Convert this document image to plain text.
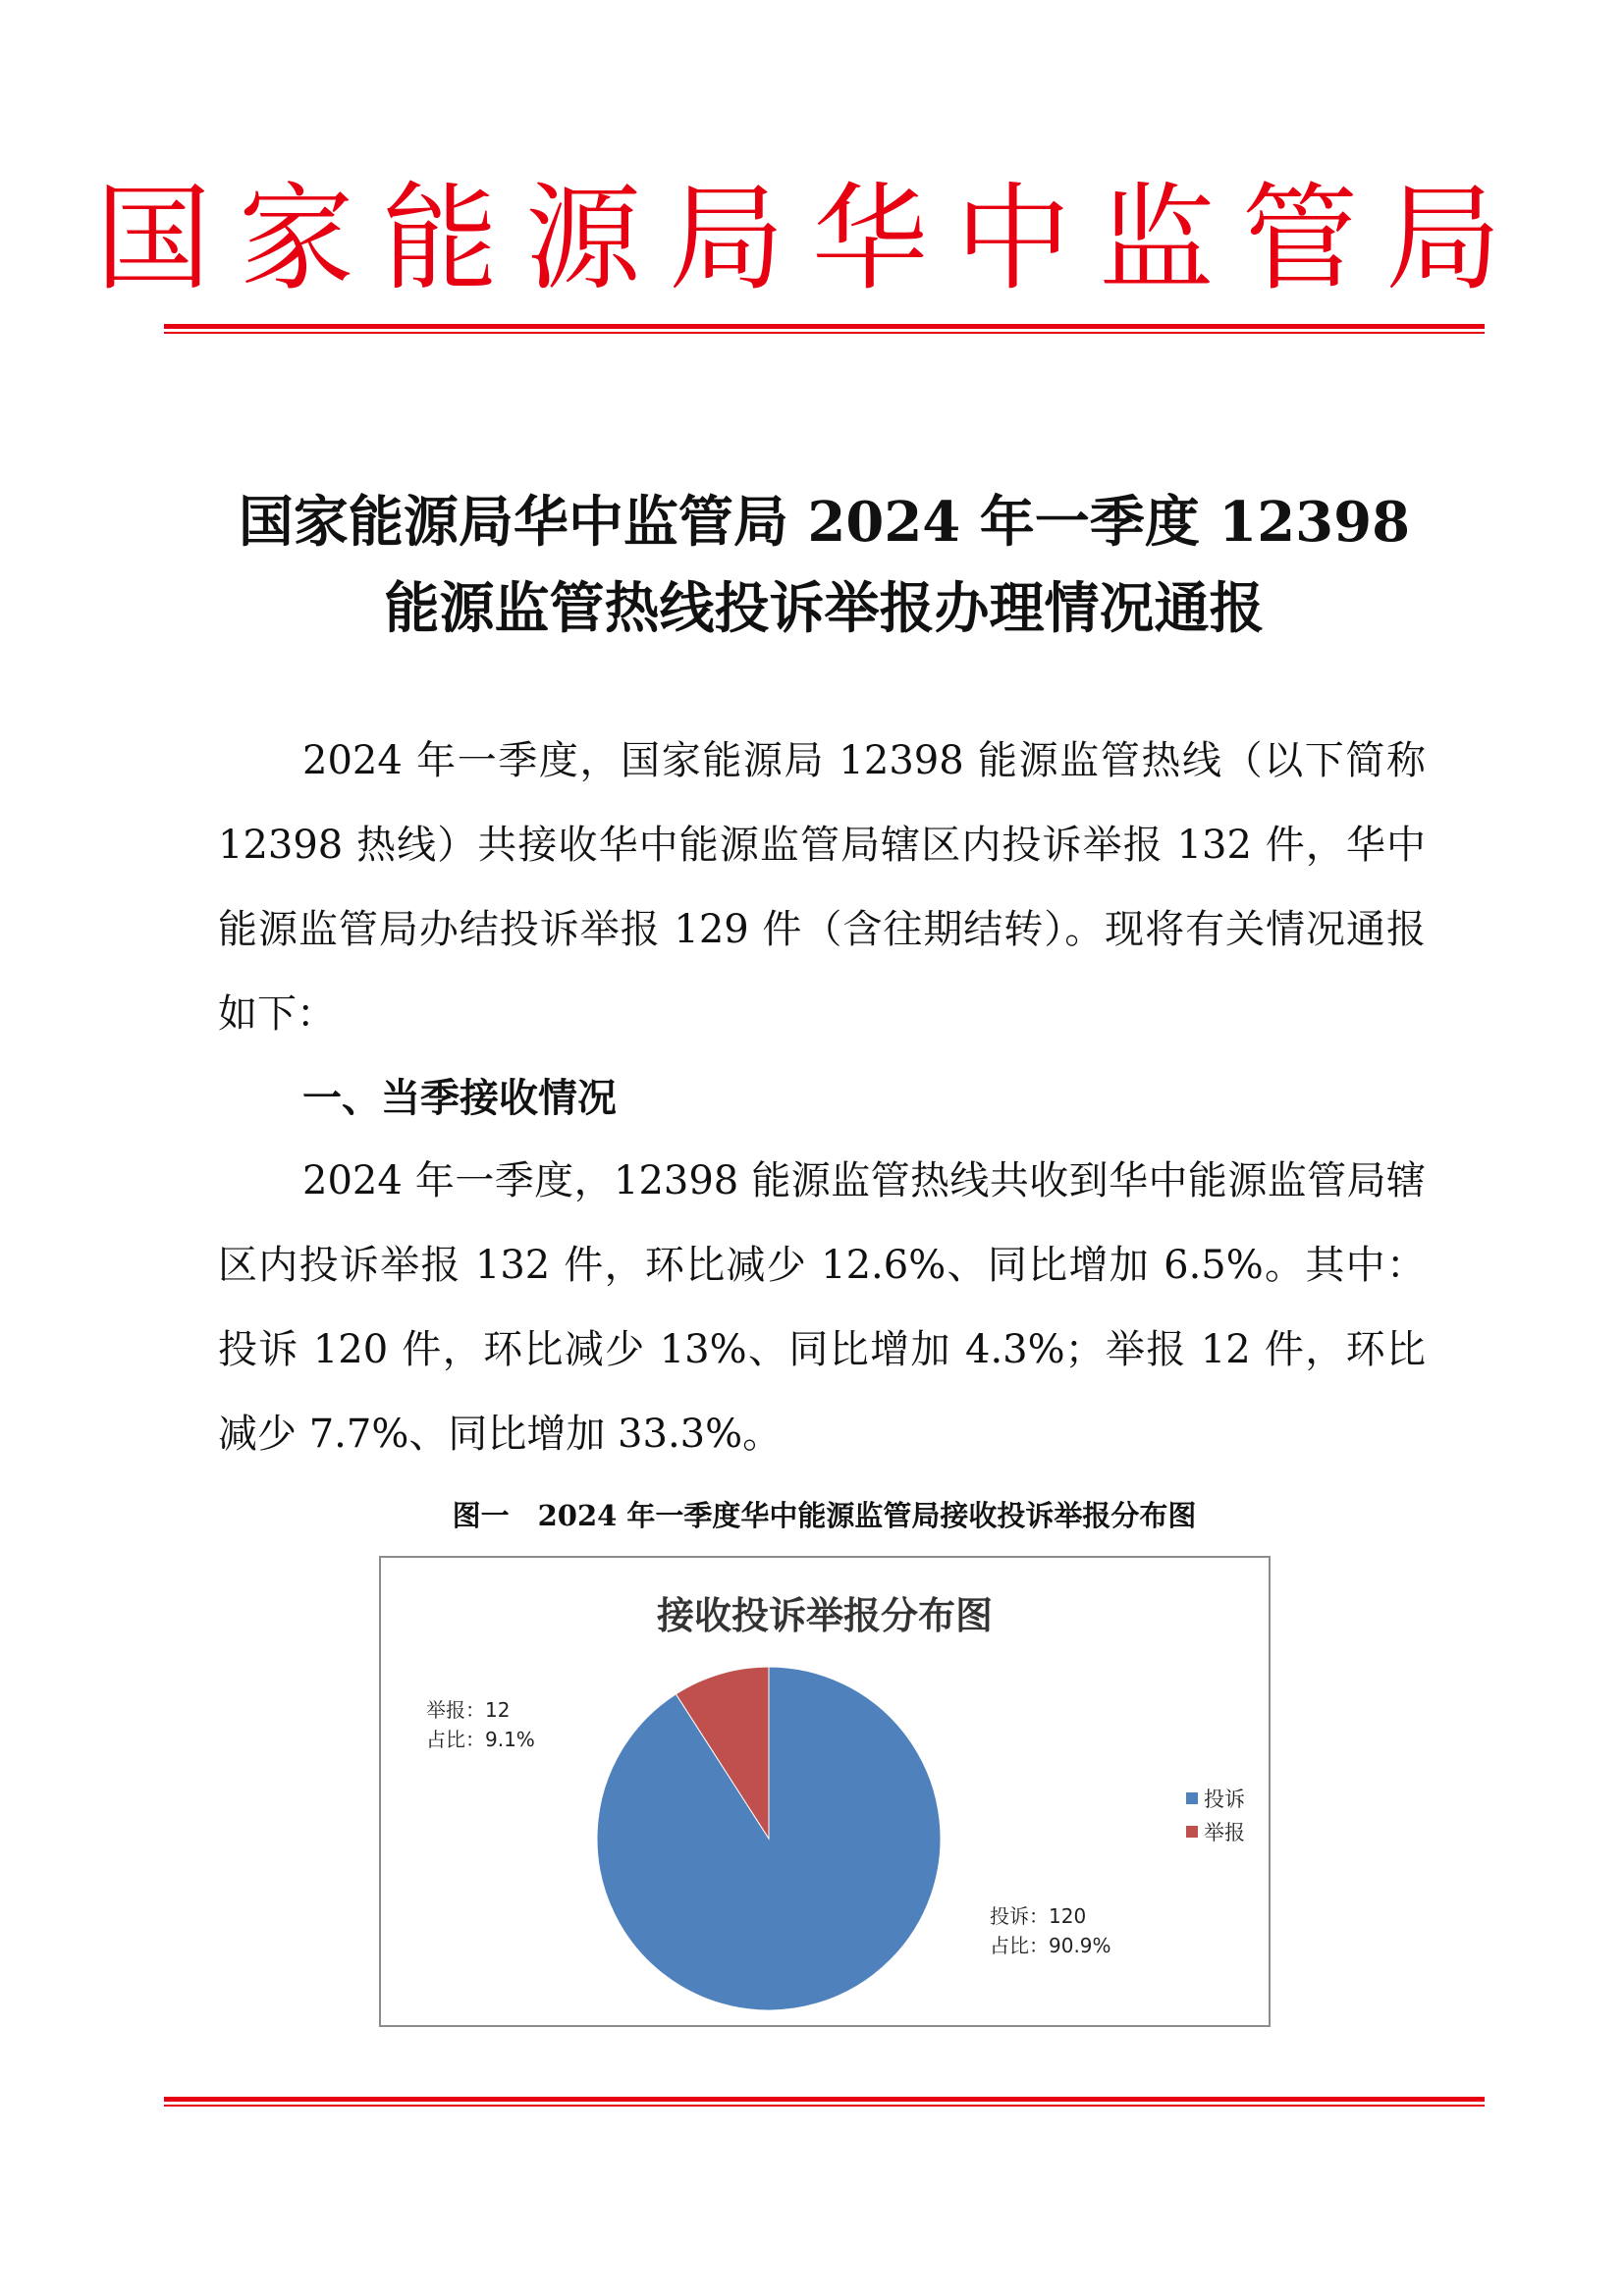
国家能源局华中监管局
国家能源局华中监管局 2024 年一季度 12398
能源监管热线投诉举报办理情况通报
2024 年一季度，国家能源局 12398 能源监管热线（以下简称 12398 热线）共接收华中能源监管局辖区内投诉举报 132 件，华中能源监管局办结投诉举报 129 件（含往期结转）。现将有关情况通报如下：
一、当季接收情况
2024 年一季度，12398 能源监管热线共收到华中能源监管局辖区内投诉举报 132 件，环比减少 12.6%、同比增加 6.5%。其中：投诉 120 件，环比减少 13%、同比增加 4.3%；举报 12 件，环比减少 7.7%、同比增加 33.3%。
图一　2024 年一季度华中能源监管局接收投诉举报分布图
接收投诉举报分布图
举报：12
占比：9.1%
投诉：120
占比：90.9%
投诉
举报
